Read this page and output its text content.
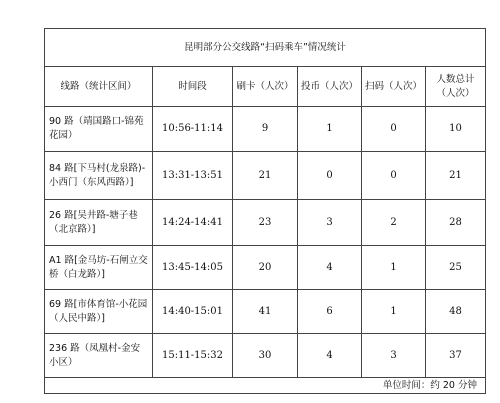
昆明部分公交线路“扫码乘车”情况统计						
线路（统计区间）	时间段	刷卡（人次）	投币（人次）	扫码（人次）	人数总计
（人次）	
90 路（靖国路口-锦苑花园）	10:56-11:14	9	1	0	10	
84 路[下马村(龙泉路)-小西门（东风西路）]	13:31-13:51	21	0	0	21	
26 路[吴井路-塘子巷（北京路）]	14:24-14:41	23	3	2	28	
A1 路[金马坊-石闸立交桥（白龙路）]	13:45-14:05	20	4	1	25	
69 路[市体育馆-小花园（人民中路）]	14:40-15:01	41	6	1	48	
236 路（凤凰村-金安小区）	15:11-15:32	30	4	3	37	
单位时间：约 20 分钟						
